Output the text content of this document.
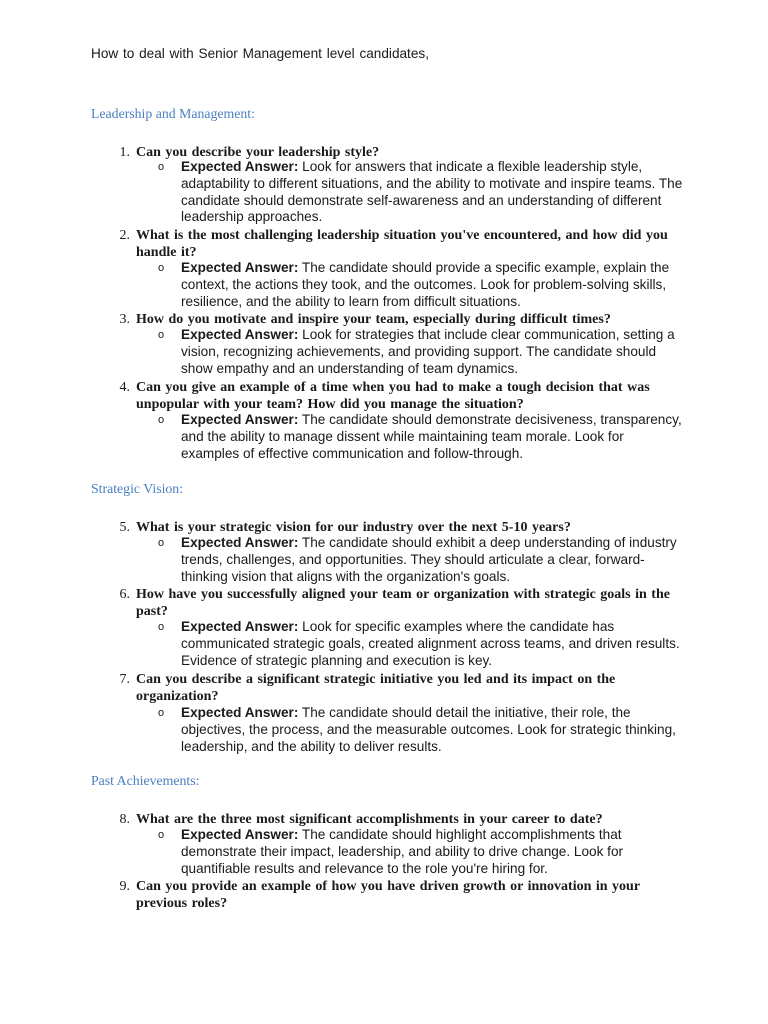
How to deal with Senior Management level candidates,
Leadership and Management:
1. Can you describe your leadership style?
o Expected Answer: Look for answers that indicate a flexible leadership style, adaptability to different situations, and the ability to motivate and inspire teams. The candidate should demonstrate self-awareness and an understanding of different leadership approaches.
2. What is the most challenging leadership situation you've encountered, and how did you handle it?
o Expected Answer: The candidate should provide a specific example, explain the context, the actions they took, and the outcomes. Look for problem-solving skills, resilience, and the ability to learn from difficult situations.
3. How do you motivate and inspire your team, especially during difficult times?
o Expected Answer: Look for strategies that include clear communication, setting a vision, recognizing achievements, and providing support. The candidate should show empathy and an understanding of team dynamics.
4. Can you give an example of a time when you had to make a tough decision that was unpopular with your team? How did you manage the situation?
o Expected Answer: The candidate should demonstrate decisiveness, transparency, and the ability to manage dissent while maintaining team morale. Look for examples of effective communication and follow-through.
Strategic Vision:
5. What is your strategic vision for our industry over the next 5-10 years?
o Expected Answer: The candidate should exhibit a deep understanding of industry trends, challenges, and opportunities. They should articulate a clear, forward-thinking vision that aligns with the organization's goals.
6. How have you successfully aligned your team or organization with strategic goals in the past?
o Expected Answer: Look for specific examples where the candidate has communicated strategic goals, created alignment across teams, and driven results. Evidence of strategic planning and execution is key.
7. Can you describe a significant strategic initiative you led and its impact on the organization?
o Expected Answer: The candidate should detail the initiative, their role, the objectives, the process, and the measurable outcomes. Look for strategic thinking, leadership, and the ability to deliver results.
Past Achievements:
8. What are the three most significant accomplishments in your career to date?
o Expected Answer: The candidate should highlight accomplishments that demonstrate their impact, leadership, and ability to drive change. Look for quantifiable results and relevance to the role you're hiring for.
9. Can you provide an example of how you have driven growth or innovation in your previous roles?
